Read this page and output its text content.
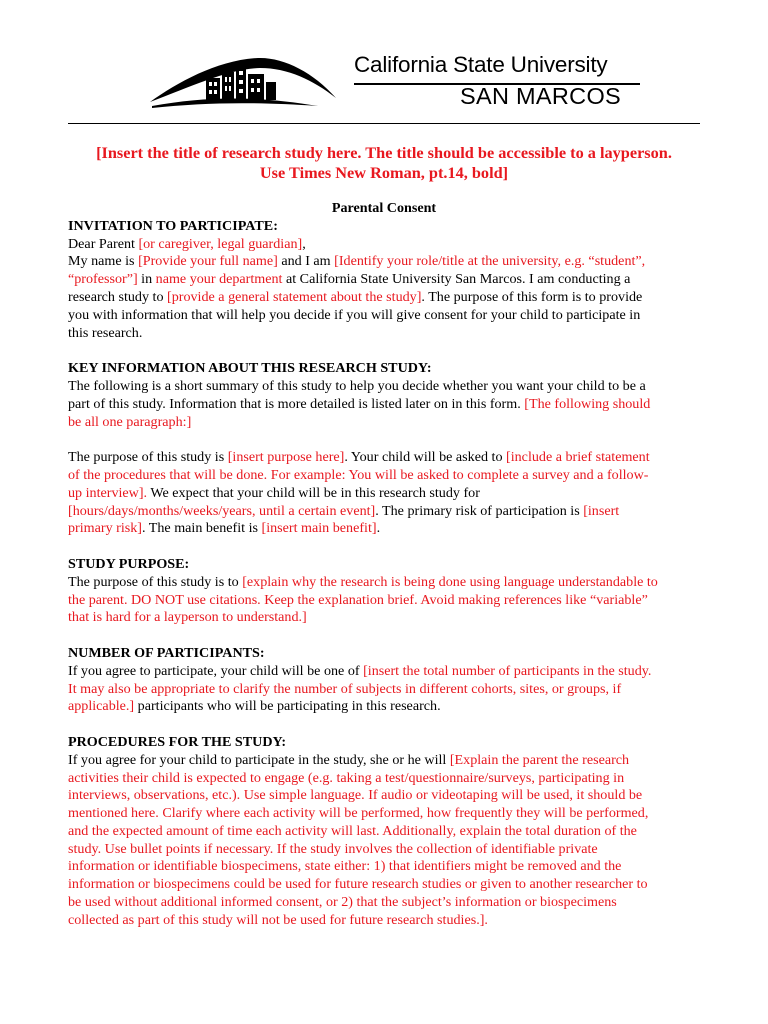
California State University
SAN MARCOS
[Insert the title of research study here. The title should be accessible to a layperson.
Use Times New Roman, pt.14, bold]
Parental Consent
INVITATION TO PARTICIPATE:
Dear Parent [or caregiver, legal guardian],
My name is [Provide your full name] and I am [Identify your role/title at the university, e.g. “student”,
“professor”] in name your department at California State University San Marcos. I am conducting a
research study to [provide a general statement about the study]. The purpose of this form is to provide
you with information that will help you decide if you will give consent for your child to participate in
this research.
KEY INFORMATION ABOUT THIS RESEARCH STUDY:
The following is a short summary of this study to help you decide whether you want your child to be a
part of this study. Information that is more detailed is listed later on in this form. [The following should
be all one paragraph:]
The purpose of this study is [insert purpose here]. Your child will be asked to [include a brief statement
of the procedures that will be done. For example: You will be asked to complete a survey and a follow-
up interview]. We expect that your child will be in this research study for
[hours/days/months/weeks/years, until a certain event]. The primary risk of participation is [insert
primary risk]. The main benefit is [insert main benefit].
STUDY PURPOSE:
The purpose of this study is to [explain why the research is being done using language understandable to
the parent. DO NOT use citations. Keep the explanation brief. Avoid making references like “variable”
that is hard for a layperson to understand.]
NUMBER OF PARTICIPANTS:
If you agree to participate, your child will be one of [insert the total number of participants in the study.
It may also be appropriate to clarify the number of subjects in different cohorts, sites, or groups, if
applicable.] participants who will be participating in this research.
PROCEDURES FOR THE STUDY:
If you agree for your child to participate in the study, she or he will [Explain the parent the research
activities their child is expected to engage (e.g. taking a test/questionnaire/surveys, participating in
interviews, observations, etc.). Use simple language. If audio or videotaping will be used, it should be
mentioned here. Clarify where each activity will be performed, how frequently they will be performed,
and the expected amount of time each activity will last. Additionally, explain the total duration of the
study. Use bullet points if necessary. If the study involves the collection of identifiable private
information or identifiable biospecimens, state either: 1) that identifiers might be removed and the
information or biospecimens could be used for future research studies or given to another researcher to
be used without additional informed consent, or 2) that the subject’s information or biospecimens
collected as part of this study will not be used for future research studies.].
